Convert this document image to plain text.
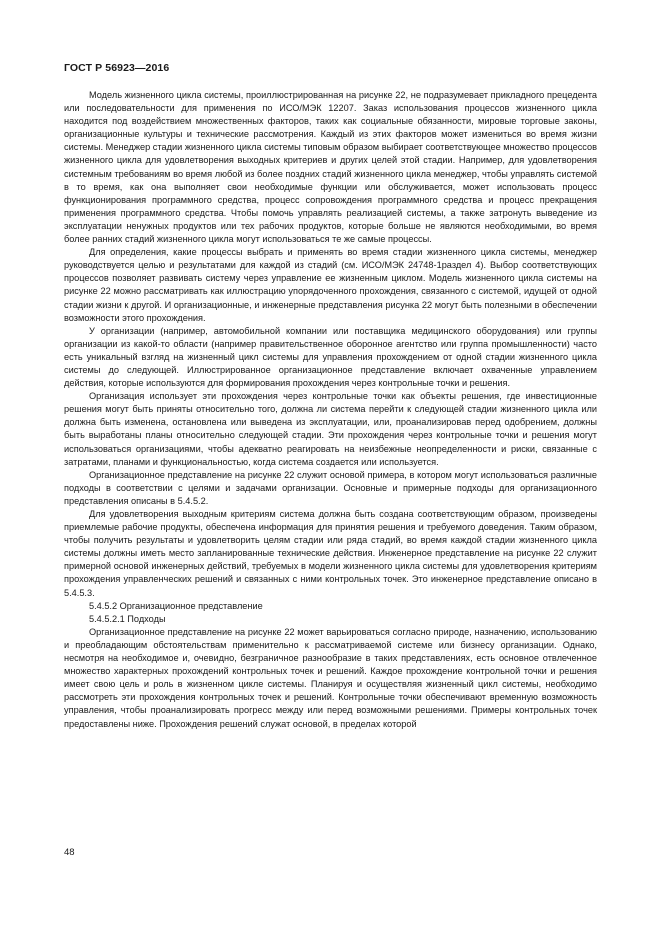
ГОСТ Р 56923—2016

Модель жизненного цикла системы, проиллюстрированная на рисунке 22, не подразумевает прикладного прецедента или последовательности для применения по ИСО/МЭК 12207. Заказ использования процессов жизненного цикла находится под воздействием множественных факторов, таких как социальные обязанности, мировые торговые законы, организационные культуры и технические рассмотрения. Каждый из этих факторов может измениться во время жизни системы. Менеджер стадии жизненного цикла системы типовым образом выбирает соответствующее множество процессов жизненного цикла для удовлетворения выходных критериев и других целей этой стадии. Например, для удовлетворения системным требованиям во время любой из более поздних стадий жизненного цикла менеджер, чтобы управлять системой в то время, как она выполняет свои необходимые функции или обслуживается, может использовать процесс функционирования программного средства, процесс сопровождения программного средства и процесс прекращения применения программного средства. Чтобы помочь управлять реализацией системы, а также затронуть выведение из эксплуатации ненужных продуктов или тех рабочих продуктов, которые больше не являются необходимыми, во время более ранних стадий жизненного цикла могут использоваться те же самые процессы.

Для определения, какие процессы выбрать и применять во время стадии жизненного цикла системы, менеджер руководствуется целью и результатами для каждой из стадий (см. ИСО/МЭК 24748-1раздел 4). Выбор соответствующих процессов позволяет развивать систему через управление ее жизненным циклом. Модель жизненного цикла системы на рисунке 22 можно рассматривать как иллюстрацию упорядоченного прохождения, связанного с системой, идущей от одной стадии жизни к другой. И организационные, и инженерные представления рисунка 22 могут быть полезными в обеспечении возможности этого прохождения.

У организации (например, автомобильной компании или поставщика медицинского оборудования) или группы организации из какой-то области (например правительственное оборонное агентство или группа промышленности) часто есть уникальный взгляд на жизненный цикл системы для управления прохождением от одной стадии жизненного цикла системы до следующей. Иллюстрированное организационное представление включает охваченные управлением действия, которые используются для формирования прохождения через контрольные точки и решения.

Организация использует эти прохождения через контрольные точки как объекты решения, где инвестиционные решения могут быть приняты относительно того, должна ли система перейти к следующей стадии жизненного цикла или должна быть изменена, остановлена или выведена из эксплуатации, или, проанализировав перед одобрением, должны быть выработаны планы относительно следующей стадии. Эти прохождения через контрольные точки и решения могут использоваться организациями, чтобы адекватно реагировать на неизбежные неопределенности и риски, связанные с затратами, планами и функциональностью, когда система создается или используется.

Организационное представление на рисунке 22 служит основой примера, в котором могут использоваться различные подходы в соответствии с целями и задачами организации. Основные и примерные подходы для организационного представления описаны в 5.4.5.2.

Для удовлетворения выходным критериям система должна быть создана соответствующим образом, произведены приемлемые рабочие продукты, обеспечена информация для принятия решения и требуемого доведения. Таким образом, чтобы получить результаты и удовлетворить целям стадии или ряда стадий, во время каждой стадии жизненного цикла системы должны иметь место запланированные технические действия. Инженерное представление на рисунке 22 служит примерной основой инженерных действий, требуемых в модели жизненного цикла системы для удовлетворения критериям прохождения управленческих решений и связанных с ними контрольных точек. Это инженерное представление описано в 5.4.5.3.

5.4.5.2 Организационное представление

5.4.5.2.1 Подходы

Организационное представление на рисунке 22 может варьироваться согласно природе, назначению, использованию и преобладающим обстоятельствам применительно к рассматриваемой системе или бизнесу организации. Однако, несмотря на необходимое и, очевидно, безграничное разнообразие в таких представлениях, есть основное отвлеченное множество характерных прохождений контрольных точек и решений. Каждое прохождение контрольной точки и решения имеет свою цель и роль в жизненном цикле системы. Планируя и осуществляя жизненный цикл системы, необходимо рассмотреть эти прохождения контрольных точек и решений. Контрольные точки обеспечивают временную возможность управления, чтобы проанализировать прогресс между или перед возможными решениями. Примеры контрольных точек предоставлены ниже. Прохождения решений служат основой, в пределах которой

48
